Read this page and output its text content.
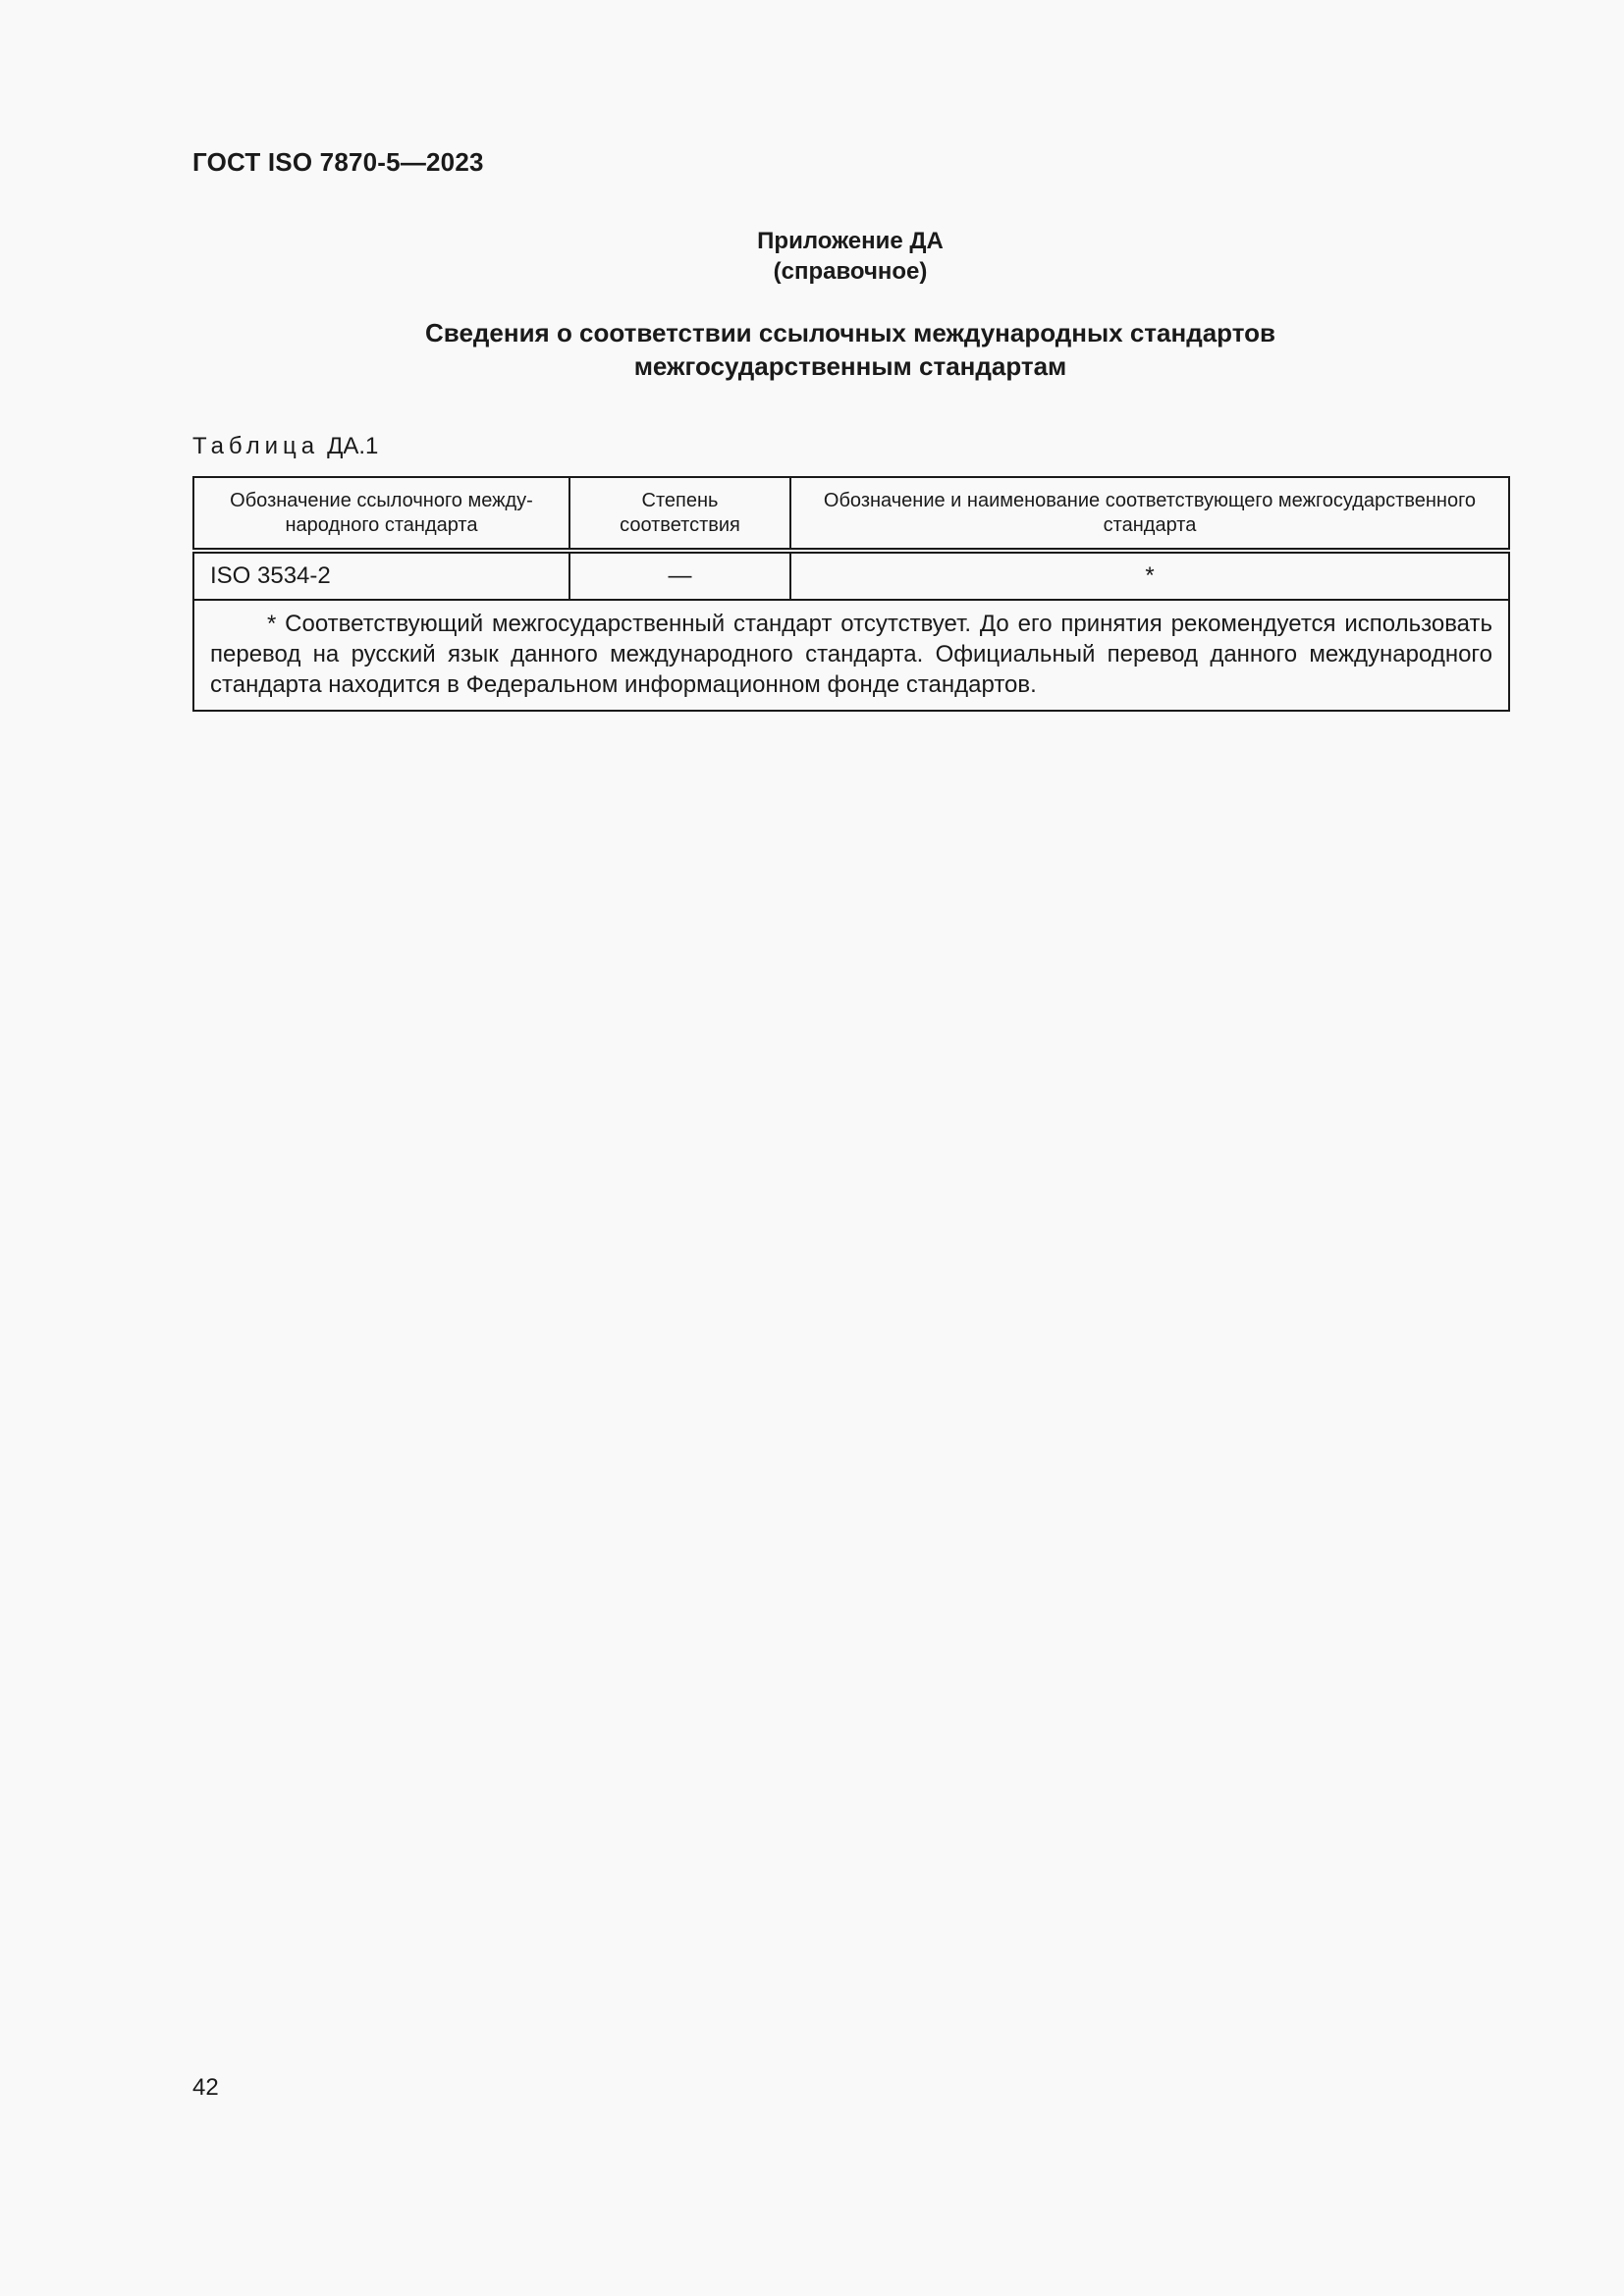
ГОСТ ISO 7870-5—2023
Приложение ДА
(справочное)
Сведения о соответствии ссылочных международных стандартов
межгосударственным стандартам
Таблица ДА.1
Обозначение ссылочного между-народного стандарта	Степень соответствия	Обозначение и наименование соответствующего межгосударственного стандарта
ISO 3534-2	—	*
* Соответствующий межгосударственный стандарт отсутствует. До его принятия рекомендуется использовать перевод на русский язык данного международного стандарта. Официальный перевод данного международного стандарта находится в Федеральном информационном фонде стандартов.		
42
